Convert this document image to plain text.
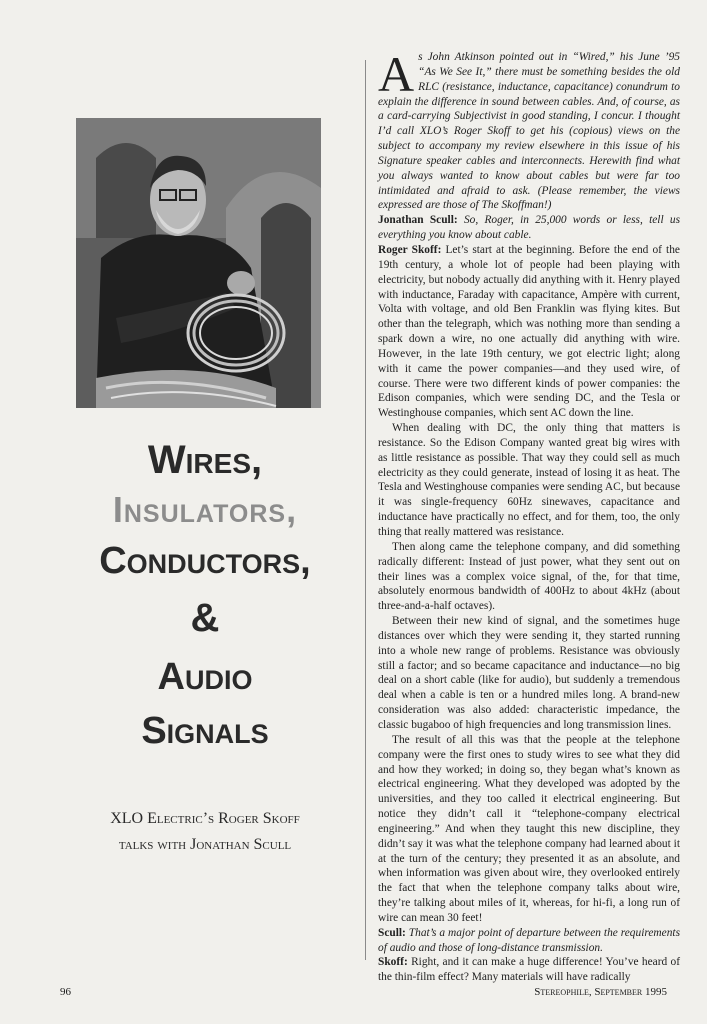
Wires,
Insulators,
Conductors,
&
Audio
Signals
XLO Electric’s Roger Skoff
talks with Jonathan Scull

As John Atkinson pointed out in “Wired,” his June ’95 “As We See It,” there must be something besides the old RLC (resistance, inductance, capacitance) conundrum to explain the difference in sound between cables. And, of course, as a card-carrying Subjectivist in good standing, I concur. I thought I’d call XLO’s Roger Skoff to get his (copious) views on the subject to accompany my review elsewhere in this issue of his Signature speaker cables and interconnects. Herewith find what you always wanted to know about cables but were far too intimidated and afraid to ask. (Please remember, the views expressed are those of The Skoffman!)

Jonathan Scull: So, Roger, in 25,000 words or less, tell us everything you know about cable.

Roger Skoff: Let’s start at the beginning. Before the end of the 19th century, a whole lot of people had been playing with electricity, but nobody actually did anything with it. Henry played with inductance, Faraday with capacitance, Ampère with current, Volta with voltage, and old Ben Franklin was flying kites. But other than the telegraph, which was nothing more than sending a spark down a wire, no one actually did anything with wire. However, in the late 19th century, we got electric light; along with it came the power companies—and they used wire, of course. There were two different kinds of power companies: the Edison companies, which were sending DC, and the Tesla or Westinghouse companies, which sent AC down the line.

When dealing with DC, the only thing that matters is resistance. So the Edison Company wanted great big wires with as little resistance as possible. That way they could sell as much electricity as they could generate, instead of losing it as heat. The Tesla and Westinghouse companies were sending AC, but because it was single-frequency 60Hz sinewaves, capacitance and inductance have practically no effect, and for them, too, the only thing that really mattered was resistance.

Then along came the telephone company, and did something radically different: Instead of just power, what they sent out on their lines was a complex voice signal, of the, for that time, absolutely enormous bandwidth of 400Hz to about 4kHz (about three-and-a-half octaves).

Between their new kind of signal, and the sometimes huge distances over which they were sending it, they started running into a whole new range of problems. Resistance was obviously still a factor; and so became capacitance and inductance—no big deal on a short cable (like for audio), but suddenly a tremendous deal when a cable is ten or a hundred miles long. A brand-new consideration was also added: characteristic impedance, the classic bugaboo of high frequencies and long transmission lines.

The result of all this was that the people at the telephone company were the first ones to study wires to see what they did and how they worked; in doing so, they began what’s known as electrical engineering. What they developed was adopted by the universities, and they too called it electrical engineering. But notice they didn’t call it “telephone-company electrical engineering.” And when they taught this new discipline, they didn’t say it was what the telephone company had learned about it at the turn of the century; they presented it as an absolute, and when information was given about wire, they overlooked entirely the fact that when the telephone company talks about wire, they’re talking about miles of it, whereas, for hi-fi, a long run of wire can mean 30 feet!

Scull: That’s a major point of departure between the requirements of audio and those of long-distance transmission.

Skoff: Right, and it can make a huge difference! You’ve heard of the thin-film effect? Many materials will have radically

96	Stereophile, September 1995
